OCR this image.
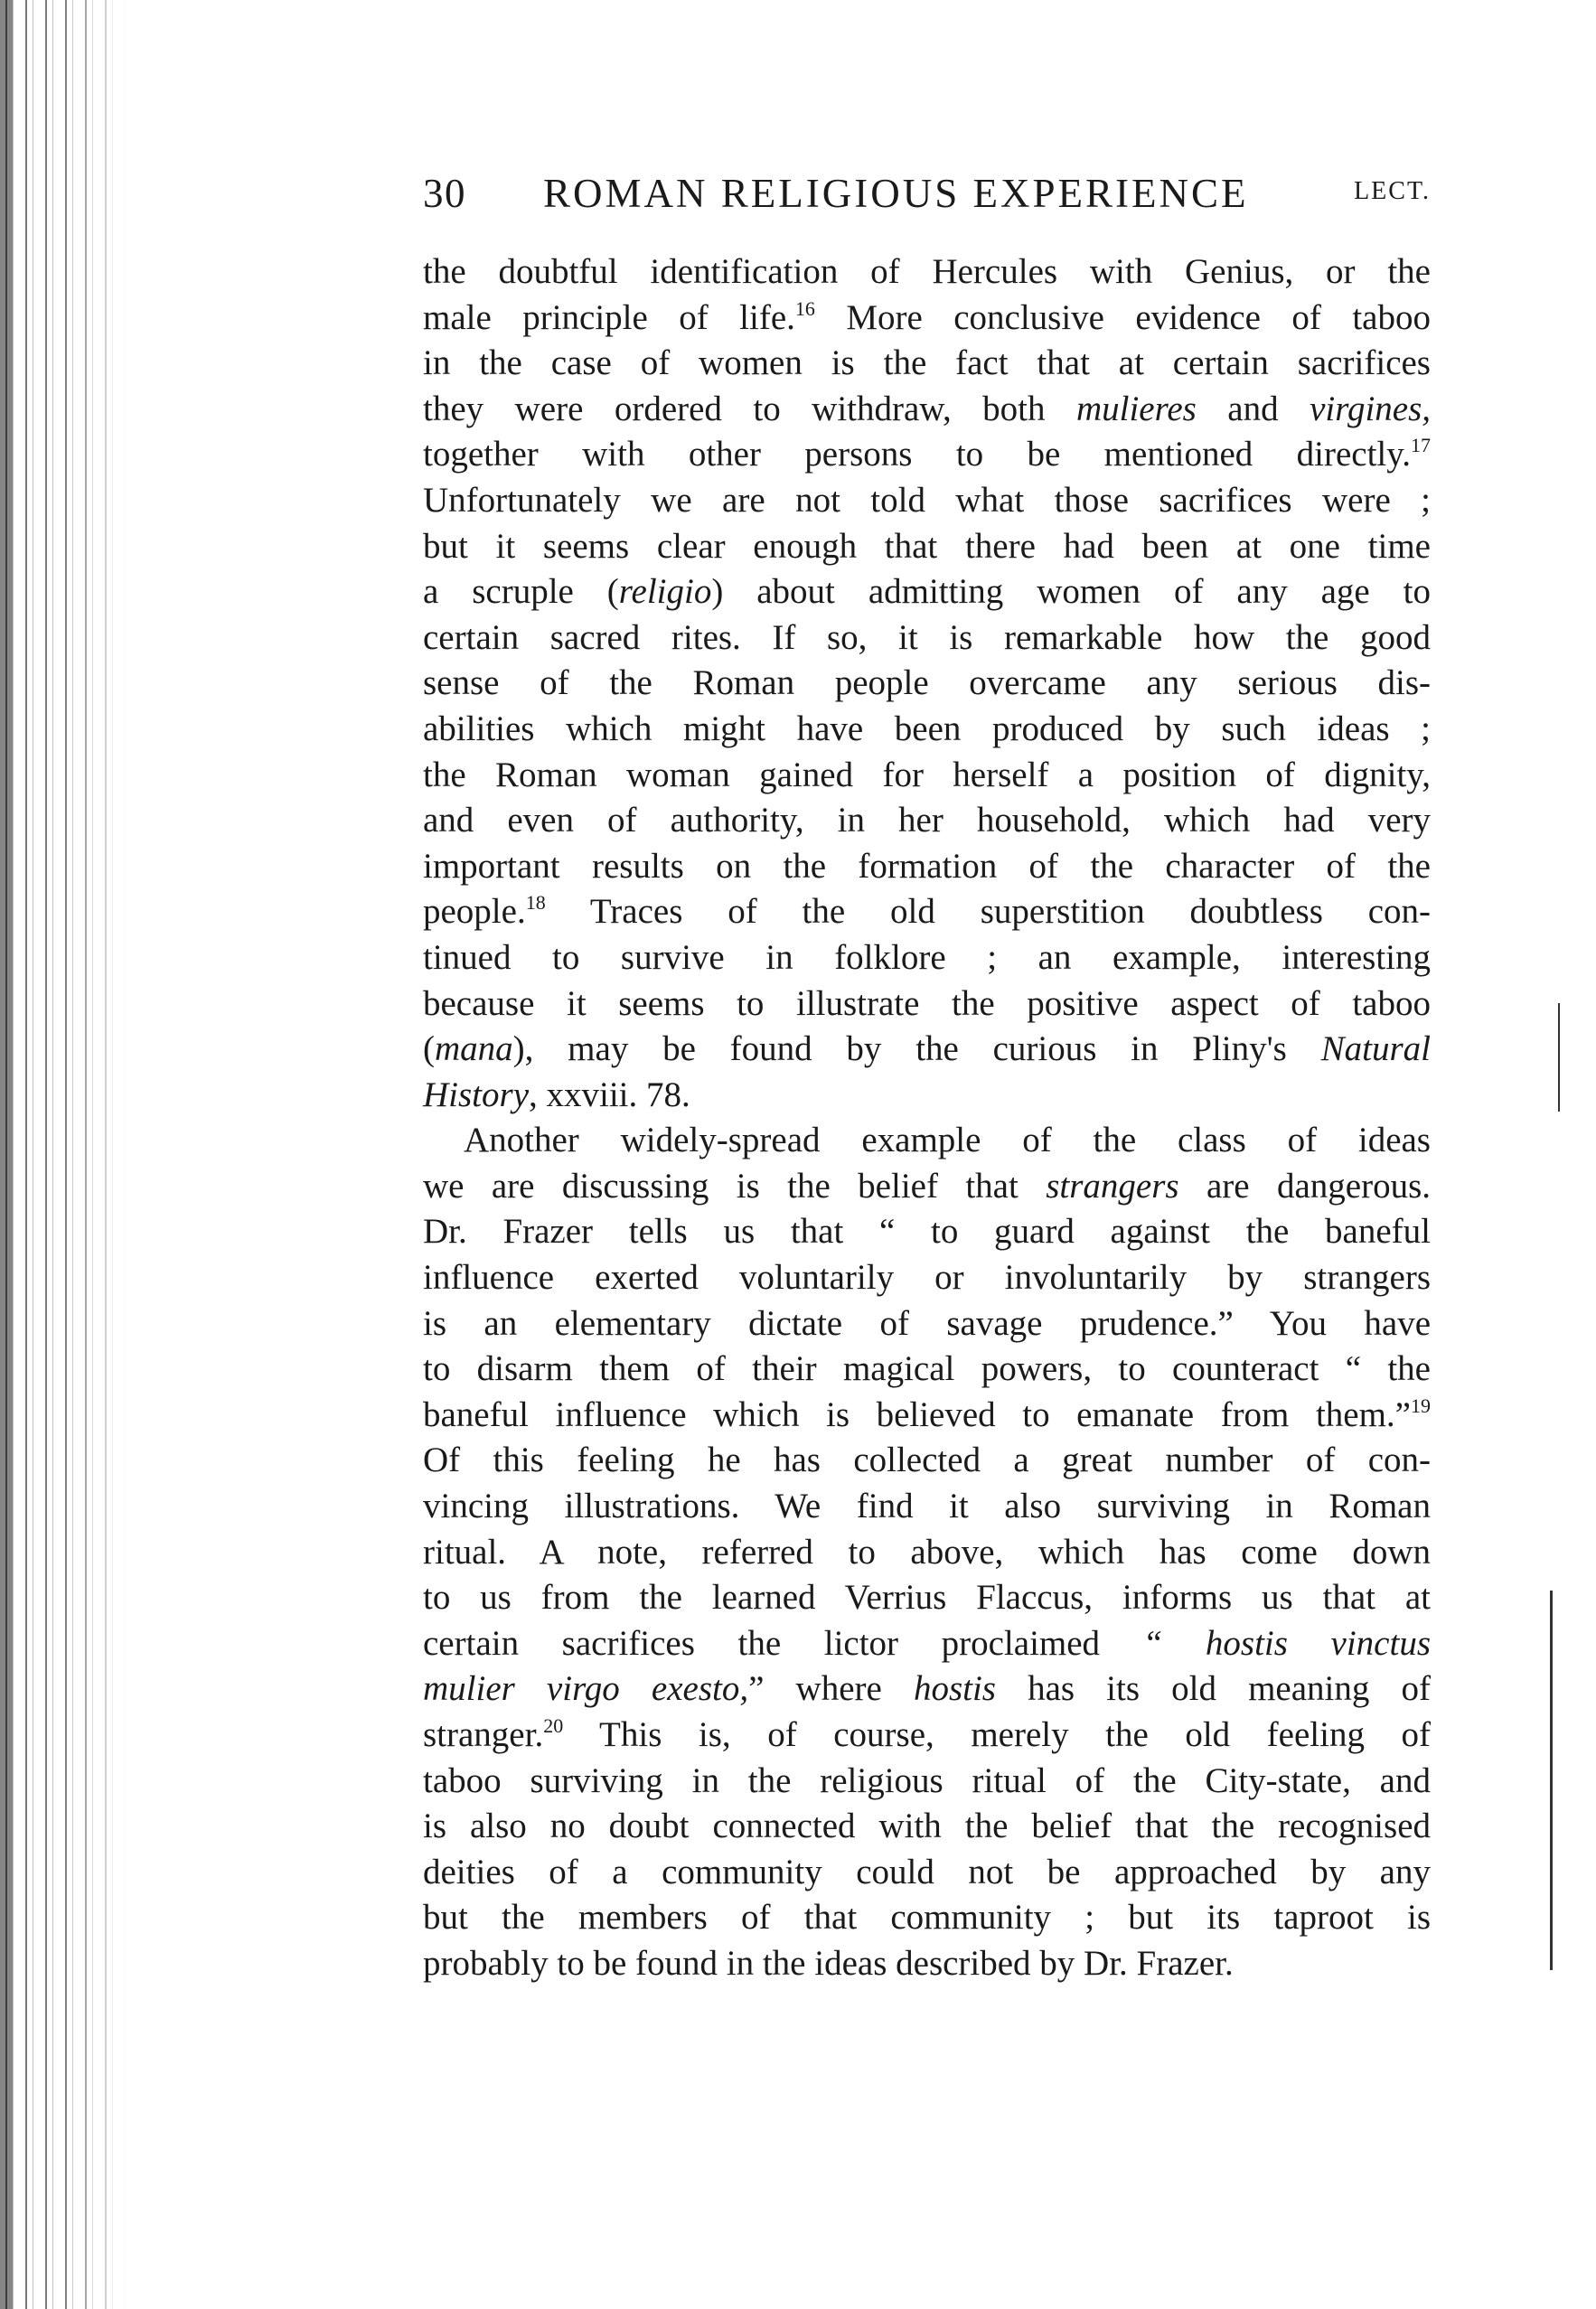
30 ROMAN RELIGIOUS EXPERIENCE	LECT.
the doubtful identification of Hercules with Genius, or the
male principle of life.$^{16}$ More conclusive evidence of taboo
in the case of women is the fact that at certain sacrifices
they were ordered to withdraw, both mulieres and virgines,
together with other persons to be mentioned directly.$^{17}$
Unfortunately we are not told what those sacrifices were ;
but it seems clear enough that there had been at one time
a scruple (religio) about admitting women of any age to
certain sacred rites. If so, it is remarkable how the good
sense of the Roman people overcame any serious dis-
abilities which might have been produced by such ideas ;
the Roman woman gained for herself a position of dignity,
and even of authority, in her household, which had very
important results on the formation of the character of the
people.$^{18}$ Traces of the old superstition doubtless con-
tinued to survive in folklore ; an example, interesting
because it seems to illustrate the positive aspect of taboo
(mana), may be found by the curious in Pliny's Natural
History, xxviii. 78.
Another widely-spread example of the class of ideas
we are discussing is the belief that strangers are dangerous.
Dr. Frazer tells us that “ to guard against the baneful
influence exerted voluntarily or involuntarily by strangers
is an elementary dictate of savage prudence.” You have
to disarm them of their magical powers, to counteract “ the
baneful influence which is believed to emanate from them.”$^{19}$
Of this feeling he has collected a great number of con-
vincing illustrations. We find it also surviving in Roman
ritual. A note, referred to above, which has come down
to us from the learned Verrius Flaccus, informs us that at
certain sacrifices the lictor proclaimed “ hostis vinctus
mulier virgo exesto,” where hostis has its old meaning of
stranger.$^{20}$ This is, of course, merely the old feeling of
taboo surviving in the religious ritual of the City-state, and
is also no doubt connected with the belief that the recognised
deities of a community could not be approached by any
but the members of that community ; but its taproot is
probably to be found in the ideas described by Dr. Frazer.
